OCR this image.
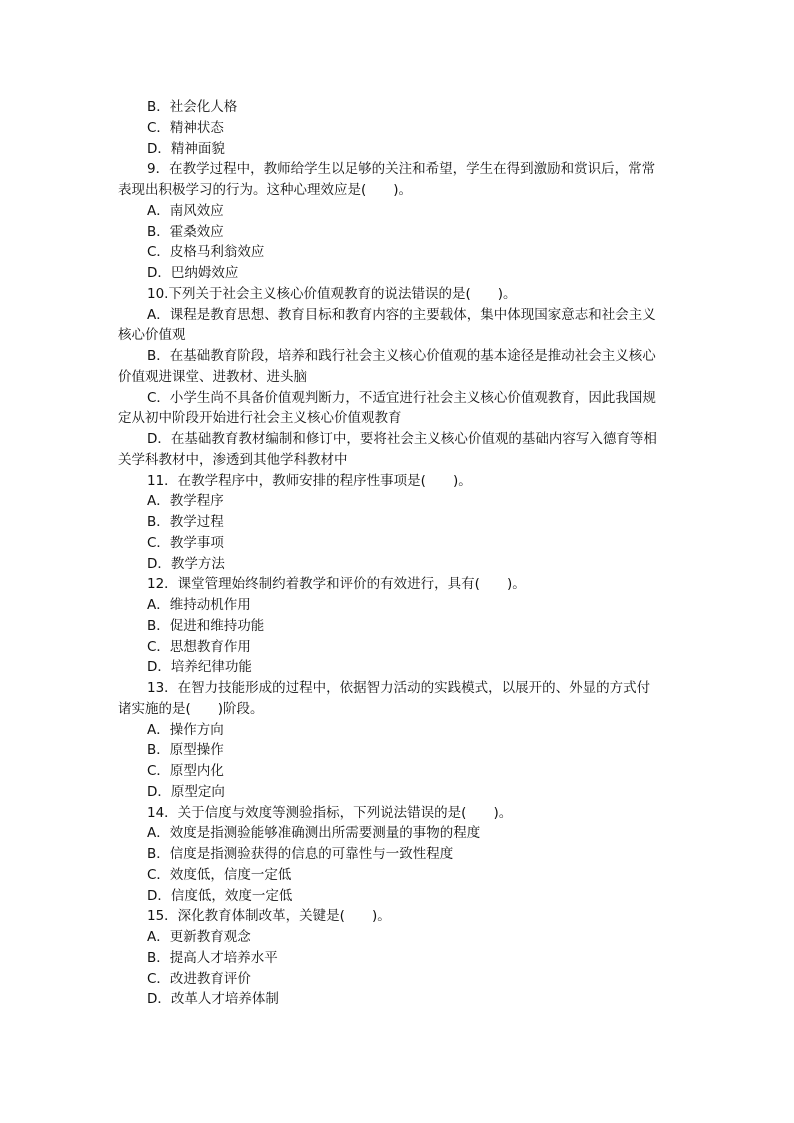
B．社会化人格
C．精神状态
D．精神面貌
9．在教学过程中，教师给学生以足够的关注和希望，学生在得到激励和赏识后，常常
表现出积极学习的行为。这种心理效应是(　　)。
A．南风效应
B．霍桑效应
C．皮格马利翁效应
D．巴纳姆效应
10.下列关于社会主义核心价值观教育的说法错误的是(　　)。
A．课程是教育思想、教育目标和教育内容的主要载体，集中体现国家意志和社会主义
核心价值观
B．在基础教育阶段，培养和践行社会主义核心价值观的基本途径是推动社会主义核心
价值观进课堂、进教材、进头脑
C．小学生尚不具备价值观判断力，不适宜进行社会主义核心价值观教育，因此我国规
定从初中阶段开始进行社会主义核心价值观教育
D．在基础教育教材编制和修订中，要将社会主义核心价值观的基础内容写入德育等相
关学科教材中，渗透到其他学科教材中
11．在教学程序中，教师安排的程序性事项是(　　)。
A．教学程序
B．教学过程
C．教学事项
D．教学方法
12．课堂管理始终制约着教学和评价的有效进行，具有(　　)。
A．维持动机作用
B．促进和维持功能
C．思想教育作用
D．培养纪律功能
13．在智力技能形成的过程中，依据智力活动的实践模式，以展开的、外显的方式付
诸实施的是(　　)阶段。
A．操作方向
B．原型操作
C．原型内化
D．原型定向
14．关于信度与效度等测验指标，下列说法错误的是(　　)。
A．效度是指测验能够准确测出所需要测量的事物的程度
B．信度是指测验获得的信息的可靠性与一致性程度
C．效度低，信度一定低
D．信度低，效度一定低
15．深化教育体制改革，关键是(　　)。
A．更新教育观念
B．提高人才培养水平
C．改进教育评价
D．改革人才培养体制
